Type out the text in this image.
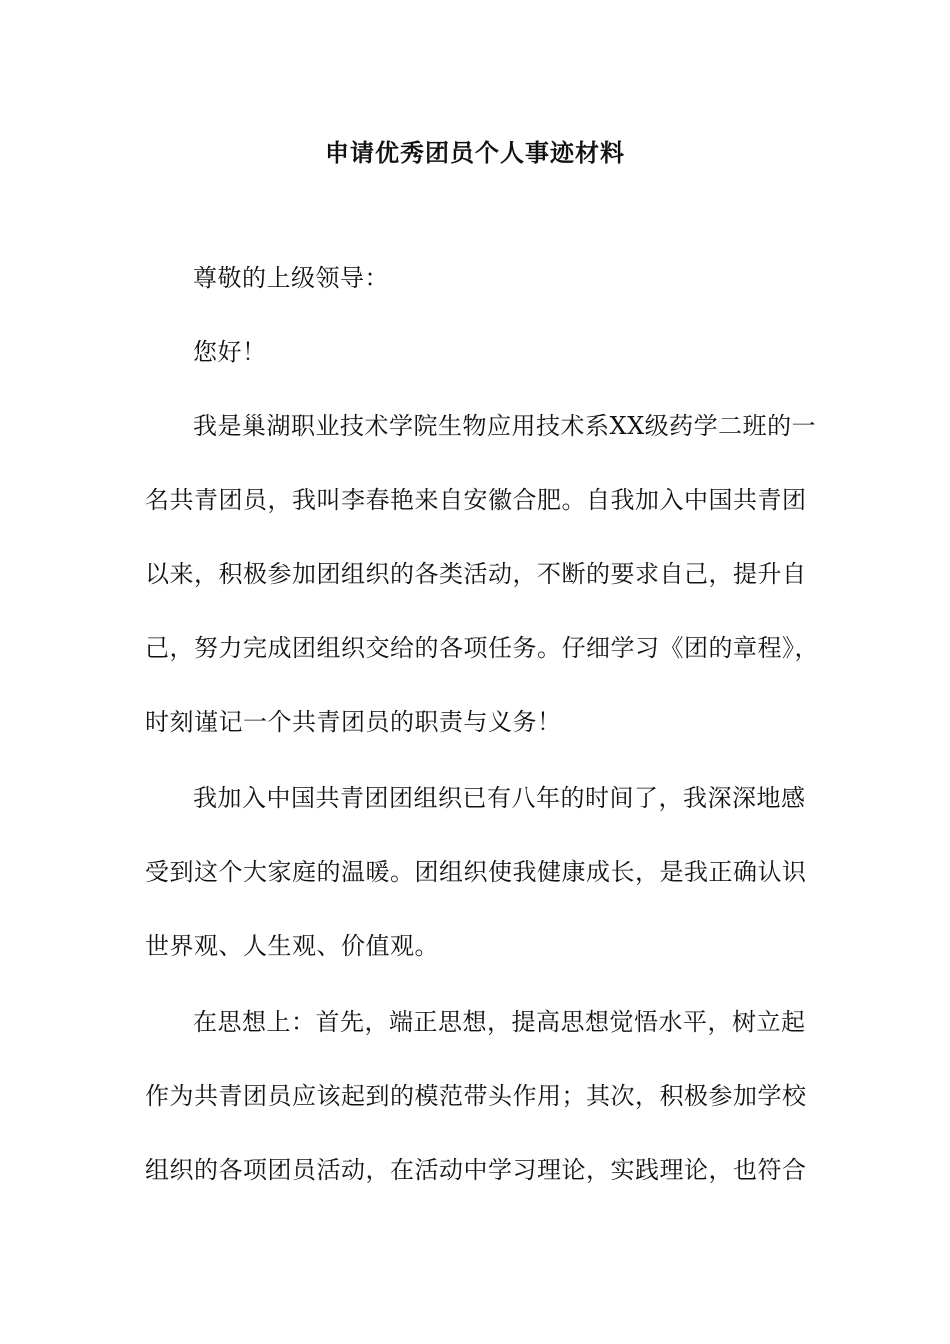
申请优秀团员个人事迹材料
尊敬的上级领导：
您好！
我是巢湖职业技术学院生物应用技术系XX级药学二班的一
名共青团员，我叫李春艳来自安徽合肥。自我加入中国共青团
以来，积极参加团组织的各类活动，不断的要求自己，提升自
己，努力完成团组织交给的各项任务。仔细学习《团的章程》，
时刻谨记一个共青团员的职责与义务！
我加入中国共青团团组织已有八年的时间了，我深深地感
受到这个大家庭的温暖。团组织使我健康成长，是我正确认识
世界观、人生观、价值观。
在思想上：首先，端正思想，提高思想觉悟水平，树立起
作为共青团员应该起到的模范带头作用；其次，积极参加学校
组织的各项团员活动，在活动中学习理论，实践理论，也符合
